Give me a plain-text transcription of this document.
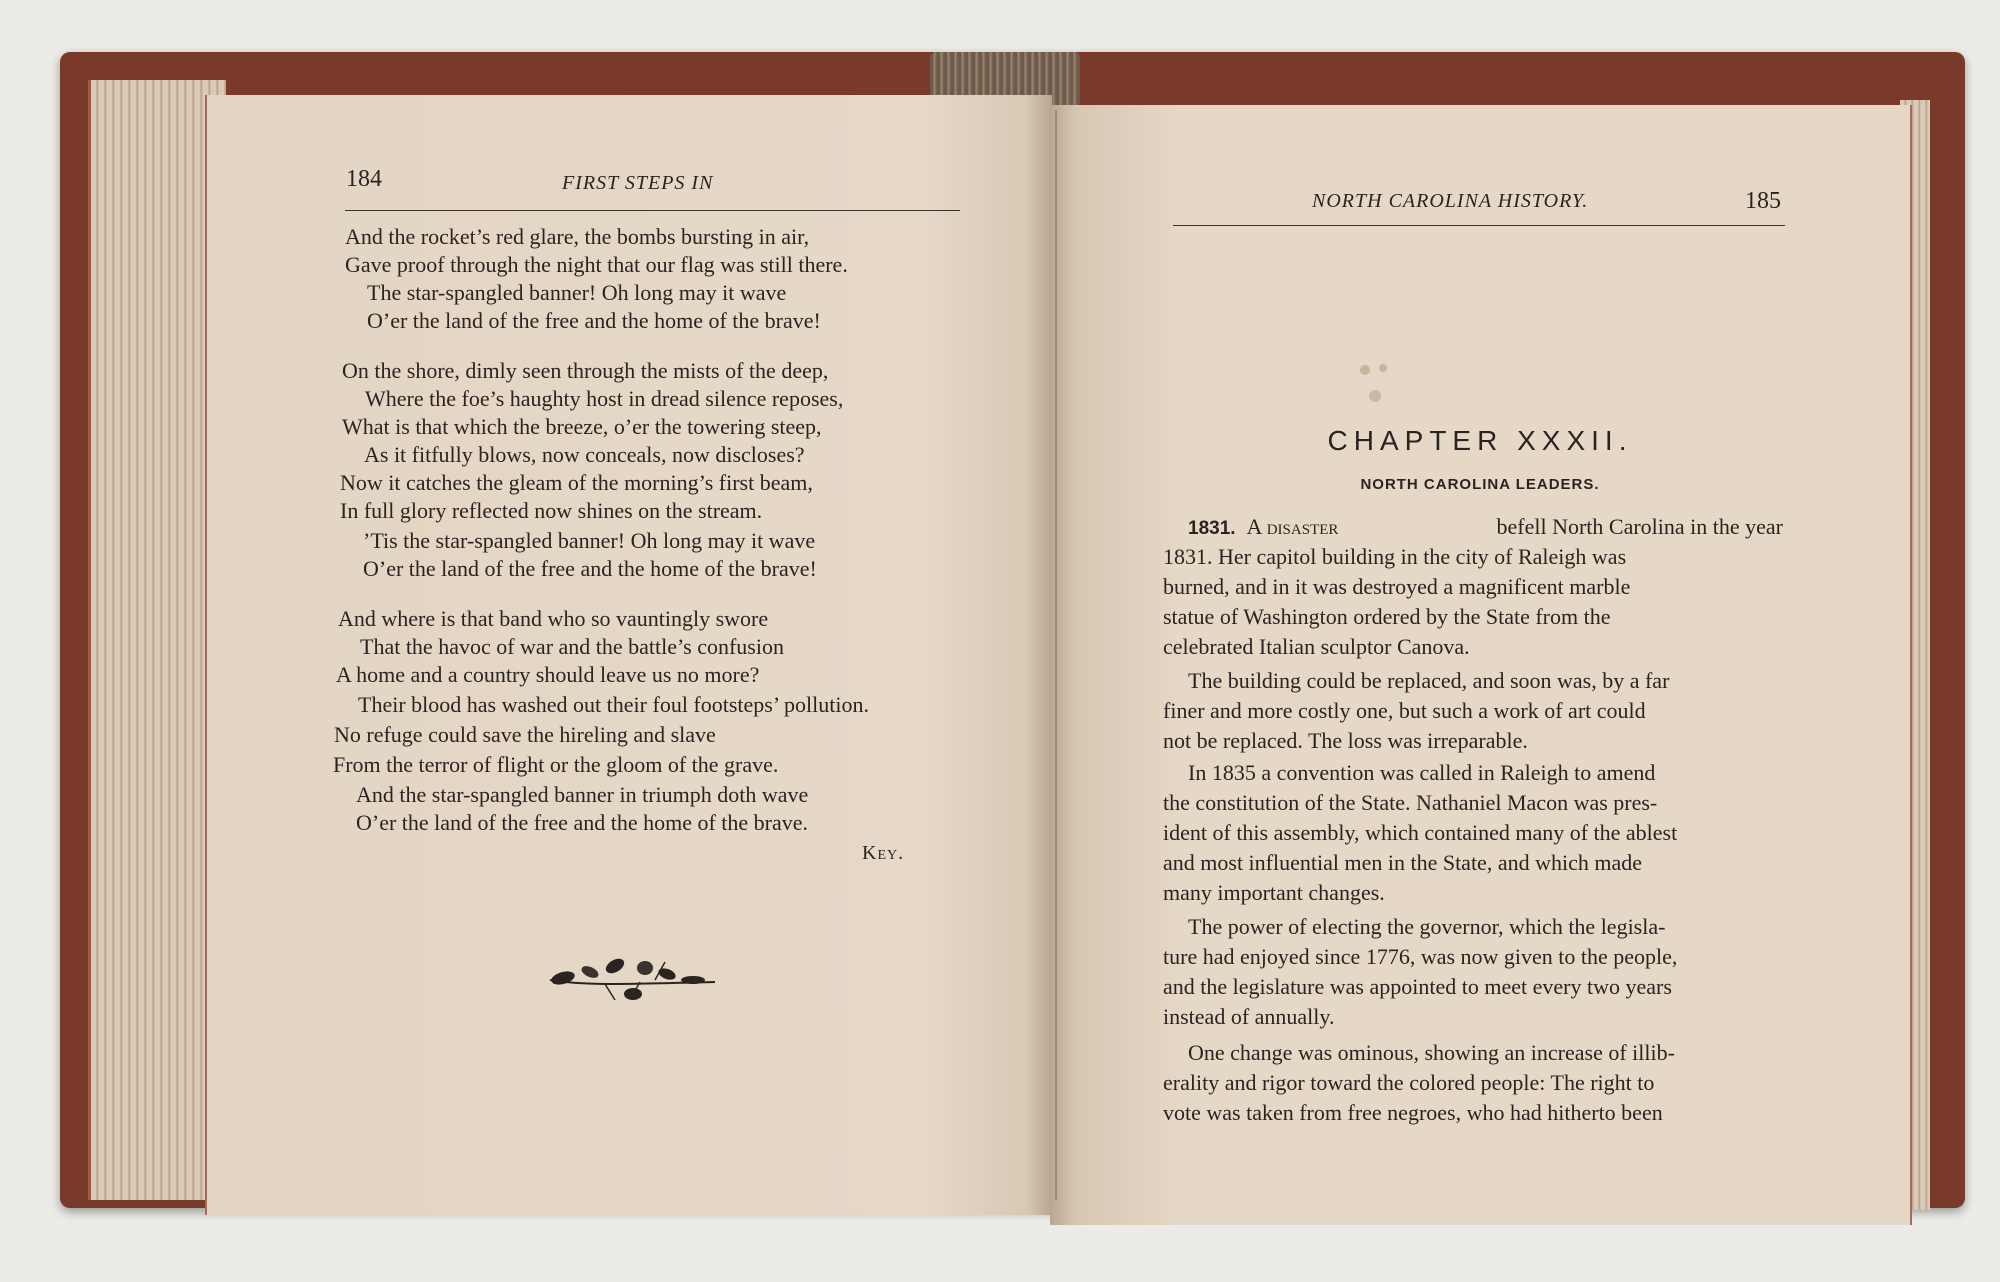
184	FIRST STEPS IN
And the rocket’s red glare, the bombs bursting in air,
Gave proof through the night that our flag was still there.
The star-spangled banner! Oh long may it wave
O’er the land of the free and the home of the brave!
On the shore, dimly seen through the mists of the deep,
Where the foe’s haughty host in dread silence reposes,
What is that which the breeze, o’er the towering steep,
As it fitfully blows, now conceals, now discloses?
Now it catches the gleam of the morning’s first beam,
In full glory reflected now shines on the stream.
’Tis the star-spangled banner! Oh long may it wave
O’er the land of the free and the home of the brave!
And where is that band who so vauntingly swore
That the havoc of war and the battle’s confusion
A home and a country should leave us no more?
Their blood has washed out their foul footsteps’ pollution.
No refuge could save the hireling and slave
From the terror of flight or the gloom of the grave.
And the star-spangled banner in triumph doth wave
O’er the land of the free and the home of the brave.
Key.
NORTH CAROLINA HISTORY.	185
CHAPTER XXXII.
NORTH CAROLINA LEADERS.
1831. A disaster	befell North Carolina in the year
1831. Her capitol building in the city of Raleigh was
burned, and in it was destroyed a magnificent marble
statue of Washington ordered by the State from the
celebrated Italian sculptor Canova.
The building could be replaced, and soon was, by a far
finer and more costly one, but such a work of art could
not be replaced. The loss was irreparable.
In 1835 a convention was called in Raleigh to amend
the constitution of the State. Nathaniel Macon was pres-
ident of this assembly, which contained many of the ablest
and most influential men in the State, and which made
many important changes.
The power of electing the governor, which the legisla-
ture had enjoyed since 1776, was now given to the people,
and the legislature was appointed to meet every two years
instead of annually.
One change was ominous, showing an increase of illib-
erality and rigor toward the colored people: The right to
vote was taken from free negroes, who had hitherto been
